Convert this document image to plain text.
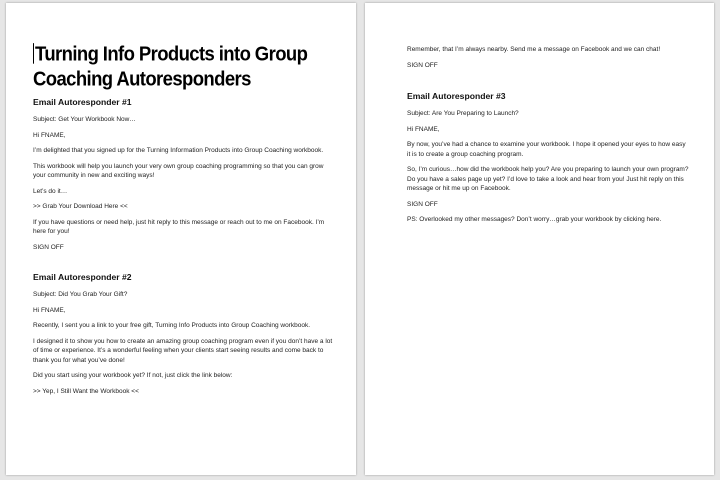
Turning Info Products into Group Coaching Autoresponders
Email Autoresponder #1

Subject: Get Your Workbook Now…

Hi FNAME,

I’m delighted that you signed up for the Turning Information Products into Group Coaching workbook.

This workbook will help you launch your very own group coaching programming so that you can grow your community in new and exciting ways!

Let’s do it…

>> Grab Your Download Here <<

If you have questions or need help, just hit reply to this message or reach out to me on Facebook. I’m here for you!

SIGN OFF

Email Autoresponder #2

Subject: Did You Grab Your Gift?

Hi FNAME,

Recently, I sent you a link to your free gift, Turning Info Products into Group Coaching workbook.

I designed it to show you how to create an amazing group coaching program even if you don’t have a lot of time or experience. It’s a wonderful feeling when your clients start seeing results and come back to thank you for what you’ve done!

Did you start using your workbook yet? If not, just click the link below:

>> Yep, I Still Want the Workbook <<

Remember, that I’m always nearby. Send me a message on Facebook and we can chat!

SIGN OFF

Email Autoresponder #3

Subject: Are You Preparing to Launch?

Hi FNAME,

By now, you’ve had a chance to examine your workbook. I hope it opened your eyes to how easy it is to create a group coaching program.

So, I’m curious…how did the workbook help you? Are you preparing to launch your own program? Do you have a sales page up yet? I’d love to take a look and hear from you! Just hit reply on this message or hit me up on Facebook.

SIGN OFF

PS: Overlooked my other messages? Don’t worry…grab your workbook by clicking here.
